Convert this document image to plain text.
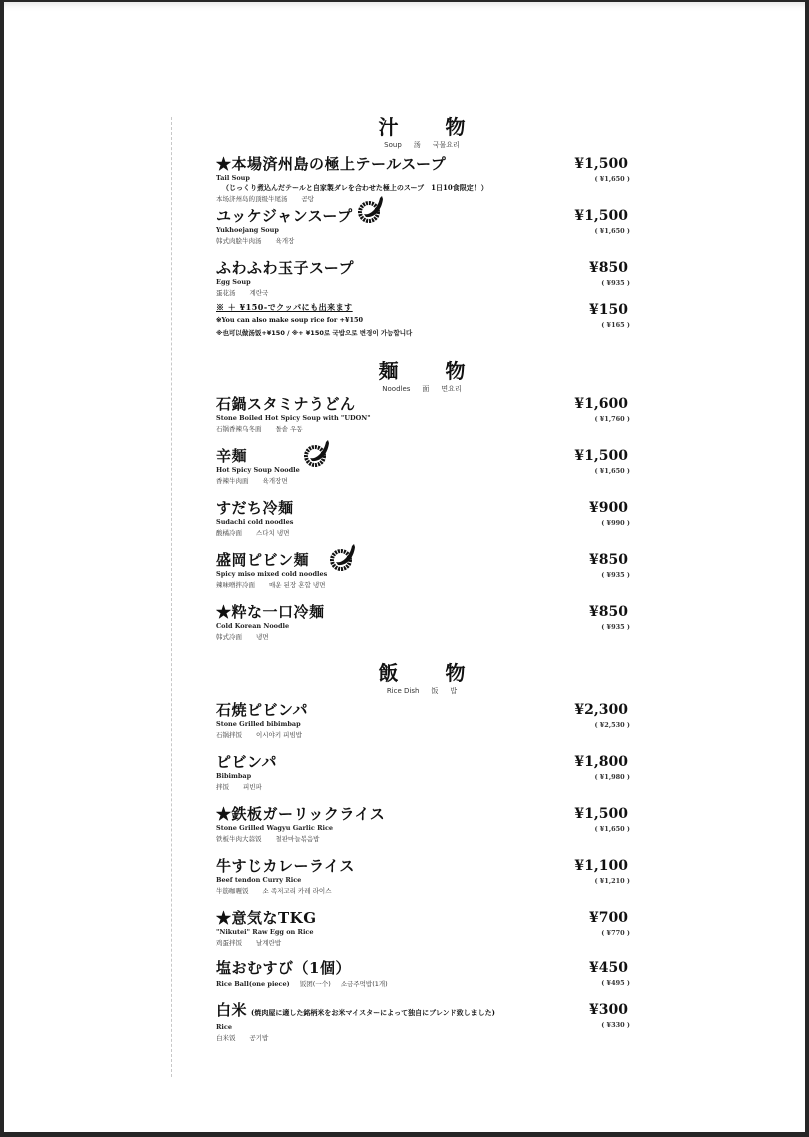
汁 物
Soup 汤 국물요리
★本場済州島の極上テールスープ
Tail Soup
（じっくり煮込んだテールと自家製ダレを合わせた極上のスープ　1日10食限定！）
本场济州岛的顶级牛尾汤 곰탕
¥1,500
( ¥1,650 )
ユッケジャンスープ
Yukhoejang Soup
韩式肉脍牛肉汤 육개장
¥1,500
( ¥1,650 )
ふわふわ玉子スープ
Egg Soup
蛋花汤 계란국
¥850
( ¥935 )
※ ＋ ¥150-でクッパにも出来ます
※You can also make soup rice for +¥150
※也可以做汤饭+¥150 / ※+ ¥150로 국밥으로 변경이 가능합니다
¥150
( ¥165 )
麺 物
Noodles 面 면요리
石鍋スタミナうどん
Stone Boiled Hot Spicy Soup with "UDON"
石锅香辣乌冬面 돌솥 우동
¥1,600
( ¥1,760 )
辛麺
Hot Spicy Soup Noodle
香辣牛肉面 육개장면
¥1,500
( ¥1,650 )
すだち冷麺
Sudachi cold noodles
酸橘冷面 스다치 냉면
¥900
( ¥990 )
盛岡ピビン麺
Spicy miso mixed cold noodles
辣味噌拌冷面 매운 된장 혼합 냉면
¥850
( ¥935 )
★粋な一口冷麺
Cold Korean Noodle
韩式冷面 냉면
¥850
( ¥935 )
飯 物
Rice Dish 饭 밥
石焼ピビンパ
Stone Grilled bibimbap
石锅拌饭 이시야키 피빔밥
¥2,300
( ¥2,530 )
ピビンパ
Bibimbap
拌饭 피빈파
¥1,800
( ¥1,980 )
★鉄板ガーリックライス
Stone Grilled Wagyu Garlic Rice
铁板牛肉大蒜饭 철판마늘볶음밥
¥1,500
( ¥1,650 )
牛すじカレーライス
Beef tendon Curry Rice
牛筋咖喱饭 소 족저고리 카레 라이스
¥1,100
( ¥1,210 )
★意気なTKG
"Nikutei" Raw Egg on Rice
鸡蛋拌饭 날계란밥
¥700
( ¥770 )
塩おむすび（1個）
Rice Ball(one piece) 饭团(一个) 소금주먹밥(1개)
¥450
( ¥495 )
白米 (焼肉屋に適した銘柄米をお米マイスターによって独自にブレンド致しました)
Rice
白米饭 공기밥
¥300
( ¥330 )
